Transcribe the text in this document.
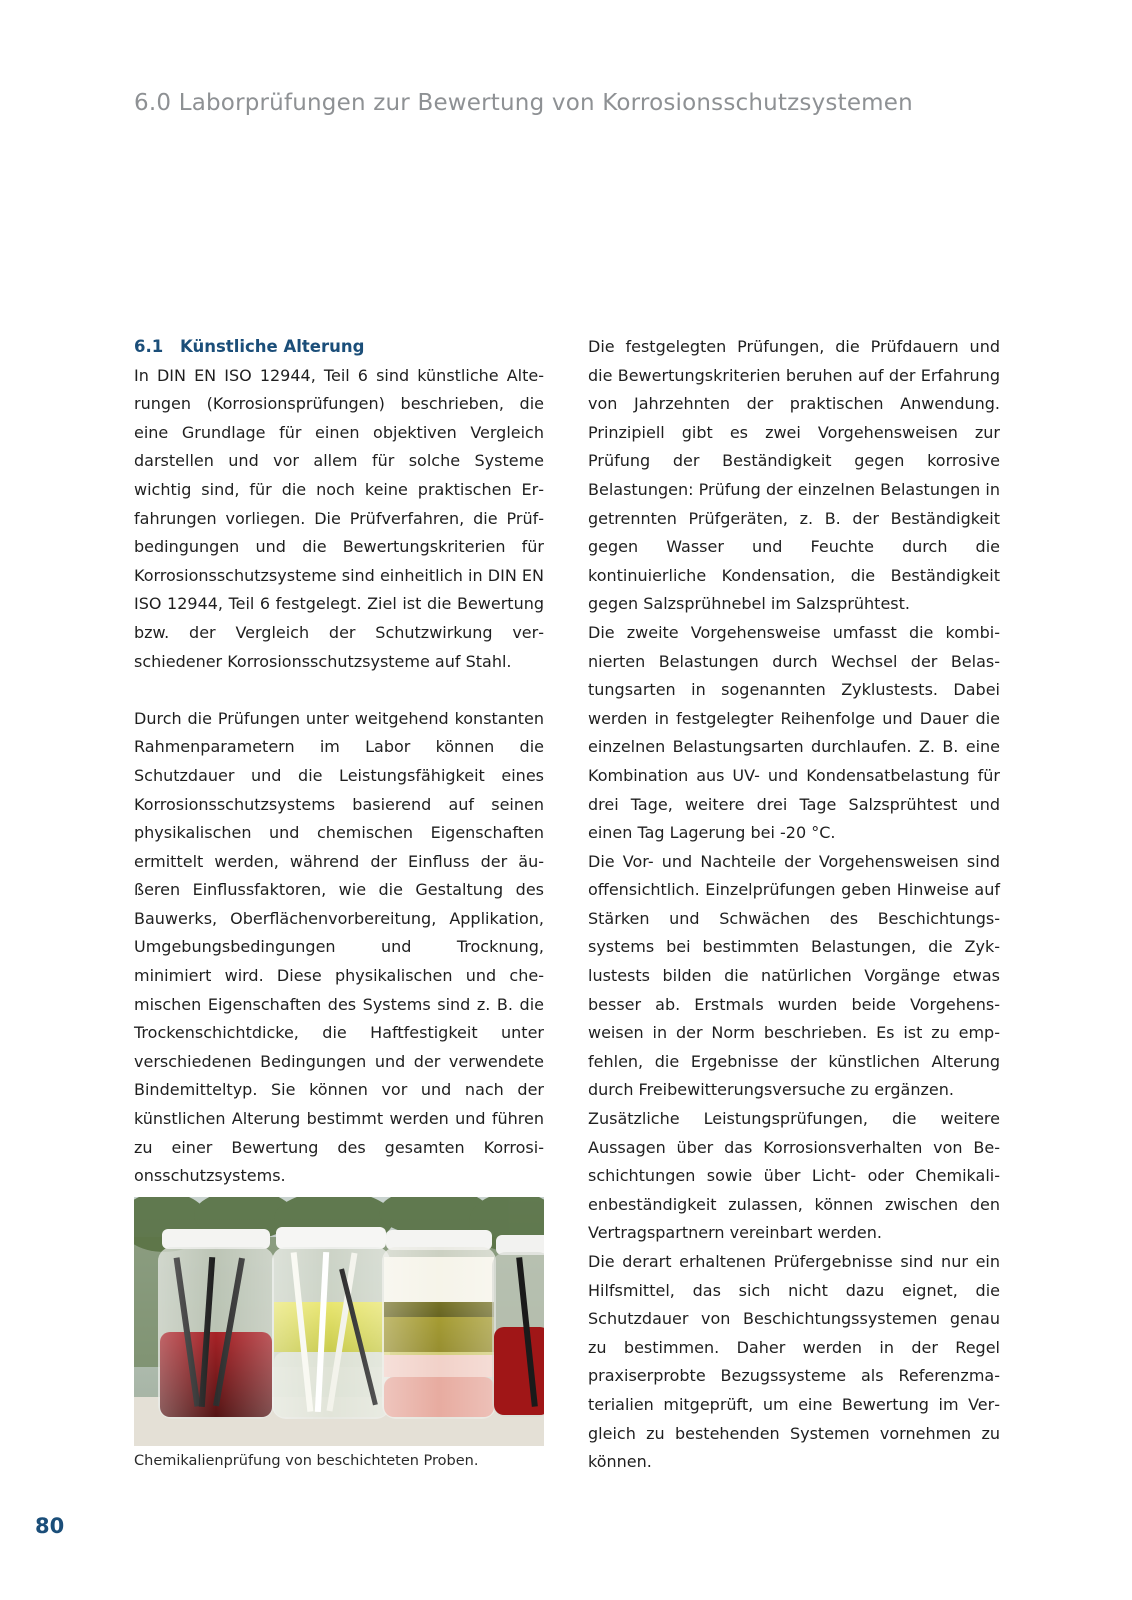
6.0 Laborprüfungen zur Bewertung von Korrosionsschutzsystemen
6.1 Künstliche Alterung

In DIN EN ISO 12944, Teil 6 sind künstliche Alterungen (Korrosionsprüfungen) beschrieben, die eine Grundlage für einen objektiven Vergleich darstellen und vor allem für solche Systeme wichtig sind, für die noch keine praktischen Erfahrungen vorliegen. Die Prüfverfahren, die Prüfbedingungen und die Bewertungskriterien für Korrosionsschutzsysteme sind einheitlich in DIN EN ISO 12944, Teil 6 festgelegt. Ziel ist die Bewertung bzw. der Vergleich der Schutzwirkung verschiedener Korrosionsschutzsysteme auf Stahl.

Durch die Prüfungen unter weitgehend konstanten Rahmenparametern im Labor können die Schutzdauer und die Leistungsfähigkeit eines Korrosionsschutzsystems basierend auf seinen physikalischen und chemischen Eigenschaften ermittelt werden, während der Einfluss der äußeren Einflussfaktoren, wie die Gestaltung des Bauwerks, Oberflächenvorbereitung, Applikation, Umgebungsbedingungen und Trocknung, minimiert wird. Diese physikalischen und chemischen Eigenschaften des Systems sind z. B. die Trockenschichtdicke, die Haftfestigkeit unter verschiedenen Bedingungen und der verwendete Bindemitteltyp. Sie können vor und nach der künstlichen Alterung bestimmt werden und führen zu einer Bewertung des gesamten Korrosionsschutzsystems.

Chemikalienprüfung von beschichteten Proben.

Die festgelegten Prüfungen, die Prüfdauern und die Bewertungskriterien beruhen auf der Erfahrung von Jahrzehnten der praktischen Anwendung. Prinzipiell gibt es zwei Vorgehensweisen zur Prüfung der Beständigkeit gegen korrosive Belastungen: Prüfung der einzelnen Belastungen in getrennten Prüfgeräten, z. B. der Beständigkeit gegen Wasser und Feuchte durch die kontinuierliche Kondensation, die Beständigkeit gegen Salzsprühnebel im Salzsprühtest.

Die zweite Vorgehensweise umfasst die kombinierten Belastungen durch Wechsel der Belastungsarten in sogenannten Zyklustests. Dabei werden in festgelegter Reihenfolge und Dauer die einzelnen Belastungsarten durchlaufen. Z. B. eine Kombination aus UV- und Kondensatbelastung für drei Tage, weitere drei Tage Salzsprühtest und einen Tag Lagerung bei -20 °C.

Die Vor- und Nachteile der Vorgehensweisen sind offensichtlich. Einzelprüfungen geben Hinweise auf Stärken und Schwächen des Beschichtungssystems bei bestimmten Belastungen, die Zyklustests bilden die natürlichen Vorgänge etwas besser ab. Erstmals wurden beide Vorgehensweisen in der Norm beschrieben. Es ist zu empfehlen, die Ergebnisse der künstlichen Alterung durch Freibewitterungsversuche zu ergänzen.

Zusätzliche Leistungsprüfungen, die weitere Aussagen über das Korrosionsverhalten von Beschichtungen sowie über Licht- oder Chemikalienbeständigkeit zulassen, können zwischen den Vertragspartnern vereinbart werden.

Die derart erhaltenen Prüfergebnisse sind nur ein Hilfsmittel, das sich nicht dazu eignet, die Schutzdauer von Beschichtungssystemen genau zu bestimmen. Daher werden in der Regel praxiserprobte Bezugssysteme als Referenzmaterialien mitgeprüft, um eine Bewertung im Vergleich zu bestehenden Systemen vornehmen zu können.

80
